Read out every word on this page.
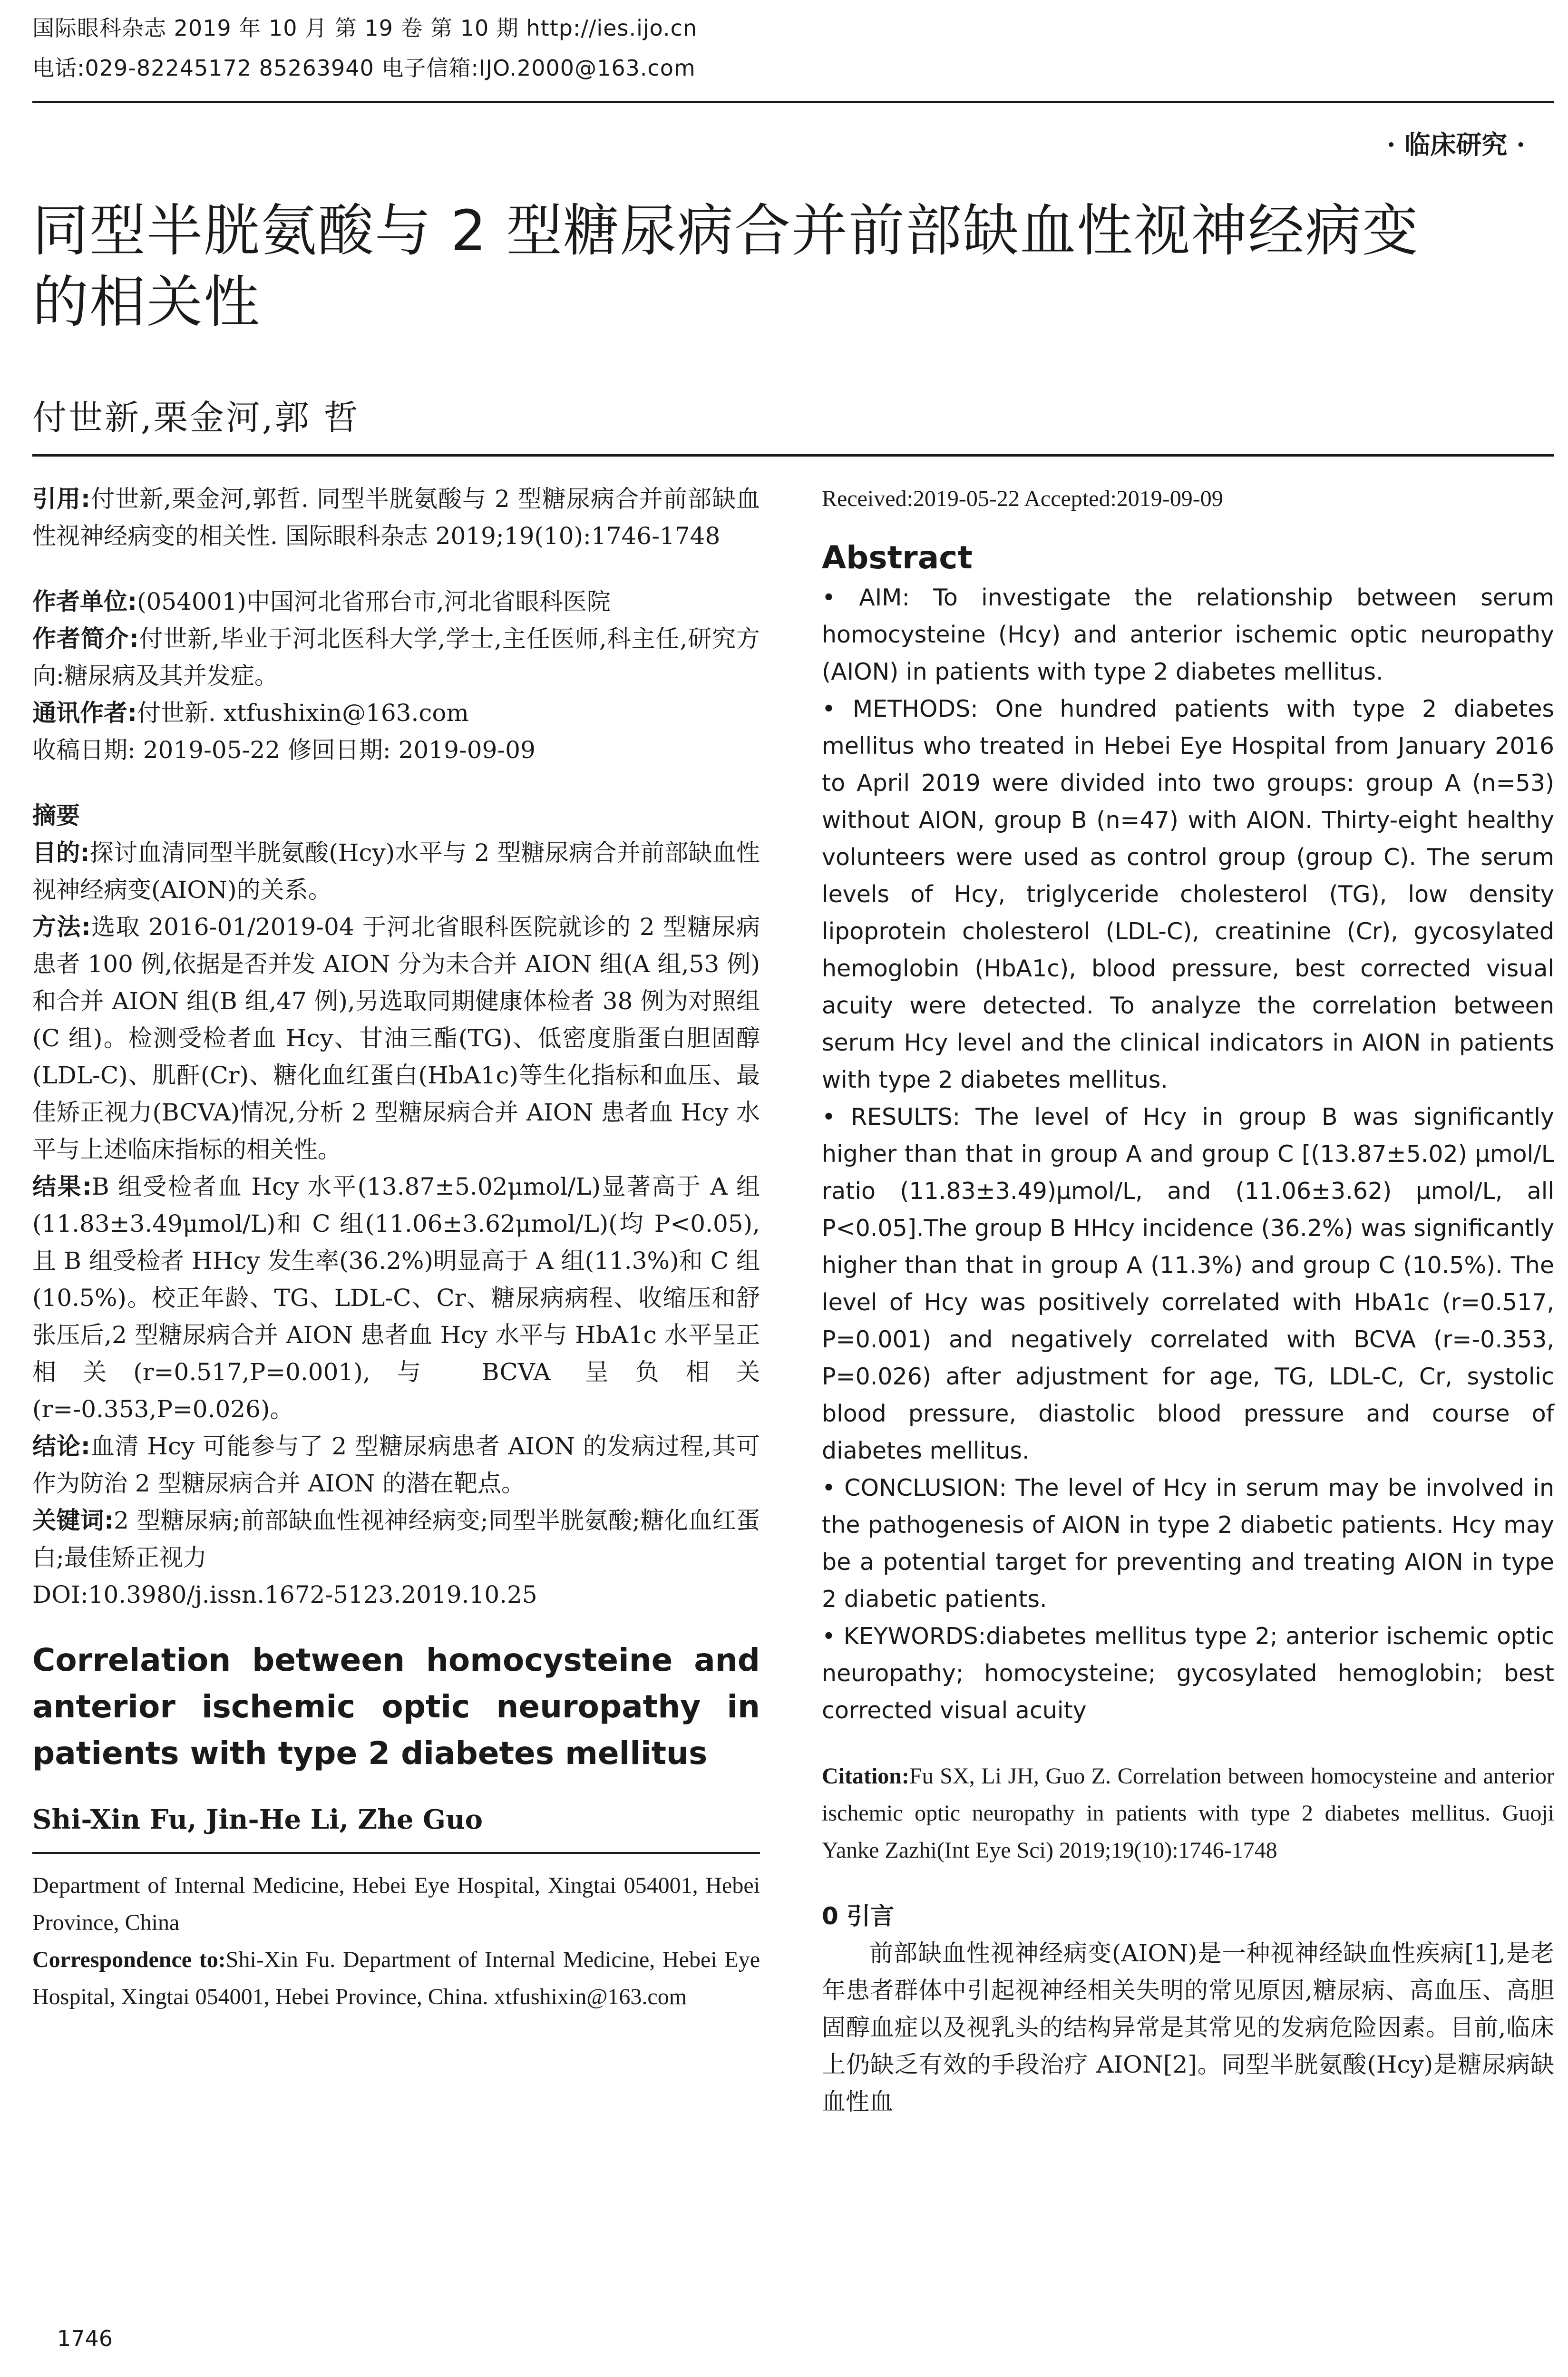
国际眼科杂志 2019 年 10 月 第 19 卷 第 10 期 http://ies.ijo.cn
电话:029-82245172 85263940 电子信箱:IJO.2000@163.com
· 临床研究 ·
同型半胱氨酸与 2 型糖尿病合并前部缺血性视神经病变
的相关性
付世新,栗金河,郭 哲

引用:付世新,栗金河,郭哲. 同型半胱氨酸与 2 型糖尿病合并前部缺血性视神经病变的相关性. 国际眼科杂志 2019;19(10):1746-1748

作者单位:(054001)中国河北省邢台市,河北省眼科医院

作者简介:付世新,毕业于河北医科大学,学士,主任医师,科主任,研究方向:糖尿病及其并发症。

通讯作者:付世新. xtfushixin@163.com

收稿日期: 2019-05-22 修回日期: 2019-09-09

摘要

目的:探讨血清同型半胱氨酸(Hcy)水平与 2 型糖尿病合并前部缺血性视神经病变(AION)的关系。

方法:选取 2016-01/2019-04 于河北省眼科医院就诊的 2 型糖尿病患者 100 例,依据是否并发 AION 分为未合并 AION 组(A 组,53 例)和合并 AION 组(B 组,47 例),另选取同期健康体检者 38 例为对照组(C 组)。检测受检者血 Hcy、甘油三酯(TG)、低密度脂蛋白胆固醇(LDL-C)、肌酐(Cr)、糖化血红蛋白(HbA1c)等生化指标和血压、最佳矫正视力(BCVA)情况,分析 2 型糖尿病合并 AION 患者血 Hcy 水平与上述临床指标的相关性。

结果:B 组受检者血 Hcy 水平(13.87±5.02μmol/L)显著高于 A 组(11.83±3.49μmol/L)和 C 组(11.06±3.62μmol/L)(均 P<0.05),且 B 组受检者 HHcy 发生率(36.2%)明显高于 A 组(11.3%)和 C 组(10.5%)。校正年龄、TG、LDL-C、Cr、糖尿病病程、收缩压和舒张压后,2 型糖尿病合并 AION 患者血 Hcy 水平与 HbA1c 水平呈正相关(r=0.517,P=0.001),与 BCVA 呈负相关(r=-0.353,P=0.026)。

结论:血清 Hcy 可能参与了 2 型糖尿病患者 AION 的发病过程,其可作为防治 2 型糖尿病合并 AION 的潜在靶点。

关键词:2 型糖尿病;前部缺血性视神经病变;同型半胱氨酸;糖化血红蛋白;最佳矫正视力

DOI:10.3980/j.issn.1672-5123.2019.10.25

Correlation between homocysteine and anterior ischemic optic neuropathy in patients with type 2 diabetes mellitus

Shi-Xin Fu, Jin-He Li, Zhe Guo

Department of Internal Medicine, Hebei Eye Hospital, Xingtai 054001, Hebei Province, China

Correspondence to:Shi-Xin Fu. Department of Internal Medicine, Hebei Eye Hospital, Xingtai 054001, Hebei Province, China. xtfushixin@163.com

Received:2019-05-22 Accepted:2019-09-09

Abstract

• AIM: To investigate the relationship between serum homocysteine (Hcy) and anterior ischemic optic neuropathy (AION) in patients with type 2 diabetes mellitus.

• METHODS: One hundred patients with type 2 diabetes mellitus who treated in Hebei Eye Hospital from January 2016 to April 2019 were divided into two groups: group A (n=53) without AION, group B (n=47) with AION. Thirty-eight healthy volunteers were used as control group (group C). The serum levels of Hcy, triglyceride cholesterol (TG), low density lipoprotein cholesterol (LDL-C), creatinine (Cr), gycosylated hemoglobin (HbA1c), blood pressure, best corrected visual acuity were detected. To analyze the correlation between serum Hcy level and the clinical indicators in AION in patients with type 2 diabetes mellitus.

• RESULTS: The level of Hcy in group B was significantly higher than that in group A and group C [(13.87±5.02) μmol/L ratio (11.83±3.49)μmol/L, and (11.06±3.62) μmol/L, all P<0.05].The group B HHcy incidence (36.2%) was significantly higher than that in group A (11.3%) and group C (10.5%). The level of Hcy was positively correlated with HbA1c (r=0.517, P=0.001) and negatively correlated with BCVA (r=-0.353, P=0.026) after adjustment for age, TG, LDL-C, Cr, systolic blood pressure, diastolic blood pressure and course of diabetes mellitus.

• CONCLUSION: The level of Hcy in serum may be involved in the pathogenesis of AION in type 2 diabetic patients. Hcy may be a potential target for preventing and treating AION in type 2 diabetic patients.

• KEYWORDS:diabetes mellitus type 2; anterior ischemic optic neuropathy; homocysteine; gycosylated hemoglobin; best corrected visual acuity

Citation:Fu SX, Li JH, Guo Z. Correlation between homocysteine and anterior ischemic optic neuropathy in patients with type 2 diabetes mellitus. Guoji Yanke Zazhi(Int Eye Sci) 2019;19(10):1746-1748

0 引言

前部缺血性视神经病变(AION)是一种视神经缺血性疾病[1],是老年患者群体中引起视神经相关失明的常见原因,糖尿病、高血压、高胆固醇血症以及视乳头的结构异常是其常见的发病危险因素。目前,临床上仍缺乏有效的手段治疗 AION[2]。同型半胱氨酸(Hcy)是糖尿病缺血性血

1746
